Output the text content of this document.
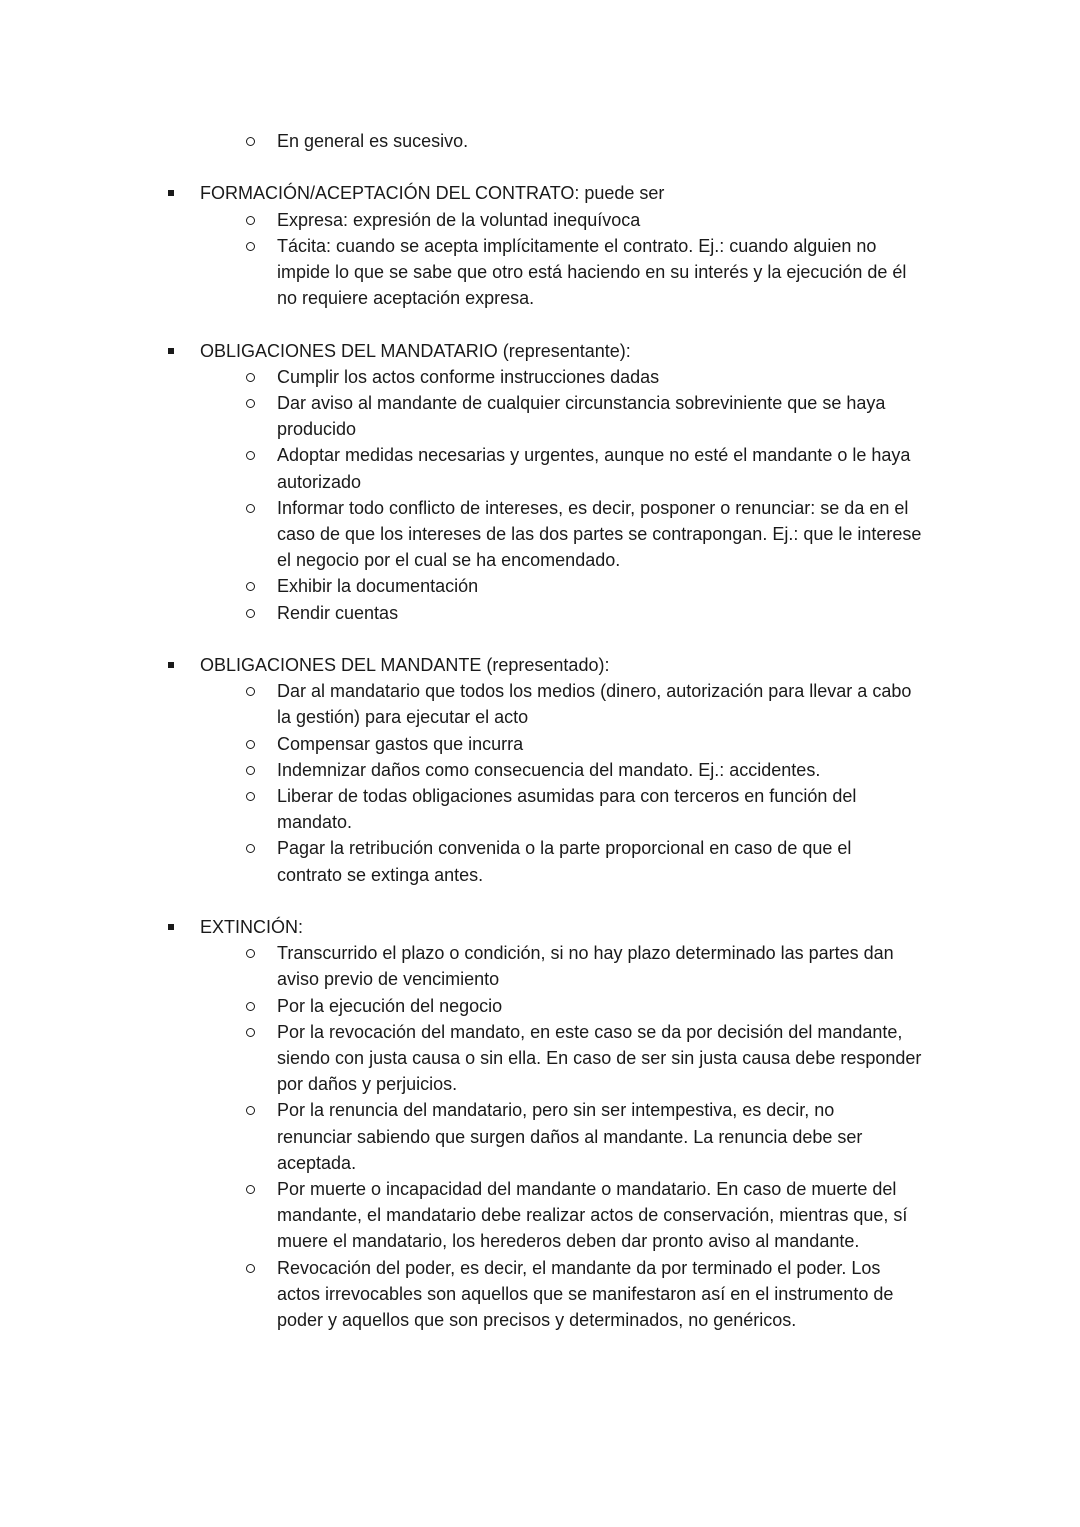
En general es sucesivo.
FORMACIÓN/ACEPTACIÓN DEL CONTRATO: puede ser
Expresa: expresión de la voluntad inequívoca
Tácita: cuando se acepta implícitamente el contrato. Ej.: cuando alguien no
impide lo que se sabe que otro está haciendo en su interés y la ejecución de él
no requiere aceptación expresa.
OBLIGACIONES DEL MANDATARIO (representante):
Cumplir los actos conforme instrucciones dadas
Dar aviso al mandante de cualquier circunstancia sobreviniente que se haya
producido
Adoptar medidas necesarias y urgentes, aunque no esté el mandante o le haya
autorizado
Informar todo conflicto de intereses, es decir, posponer o renunciar: se da en el
caso de que los intereses de las dos partes se contrapongan. Ej.: que le interese
el negocio por el cual se ha encomendado.
Exhibir la documentación
Rendir cuentas
OBLIGACIONES DEL MANDANTE (representado):
Dar al mandatario que todos los medios (dinero, autorización para llevar a cabo
la gestión) para ejecutar el acto
Compensar gastos que incurra
Indemnizar daños como consecuencia del mandato. Ej.: accidentes.
Liberar de todas obligaciones asumidas para con terceros en función del
mandato.
Pagar la retribución convenida o la parte proporcional en caso de que el
contrato se extinga antes.
EXTINCIÓN:
Transcurrido el plazo o condición, si no hay plazo determinado las partes dan
aviso previo de vencimiento
Por la ejecución del negocio
Por la revocación del mandato, en este caso se da por decisión del mandante,
siendo con justa causa o sin ella. En caso de ser sin justa causa debe responder
por daños y perjuicios.
Por la renuncia del mandatario, pero sin ser intempestiva, es decir, no
renunciar sabiendo que surgen daños al mandante. La renuncia debe ser
aceptada.
Por muerte o incapacidad del mandante o mandatario. En caso de muerte del
mandante, el mandatario debe realizar actos de conservación, mientras que, sí
muere el mandatario, los herederos deben dar pronto aviso al mandante.
Revocación del poder, es decir, el mandante da por terminado el poder. Los
actos irrevocables son aquellos que se manifestaron así en el instrumento de
poder y aquellos que son precisos y determinados, no genéricos.
